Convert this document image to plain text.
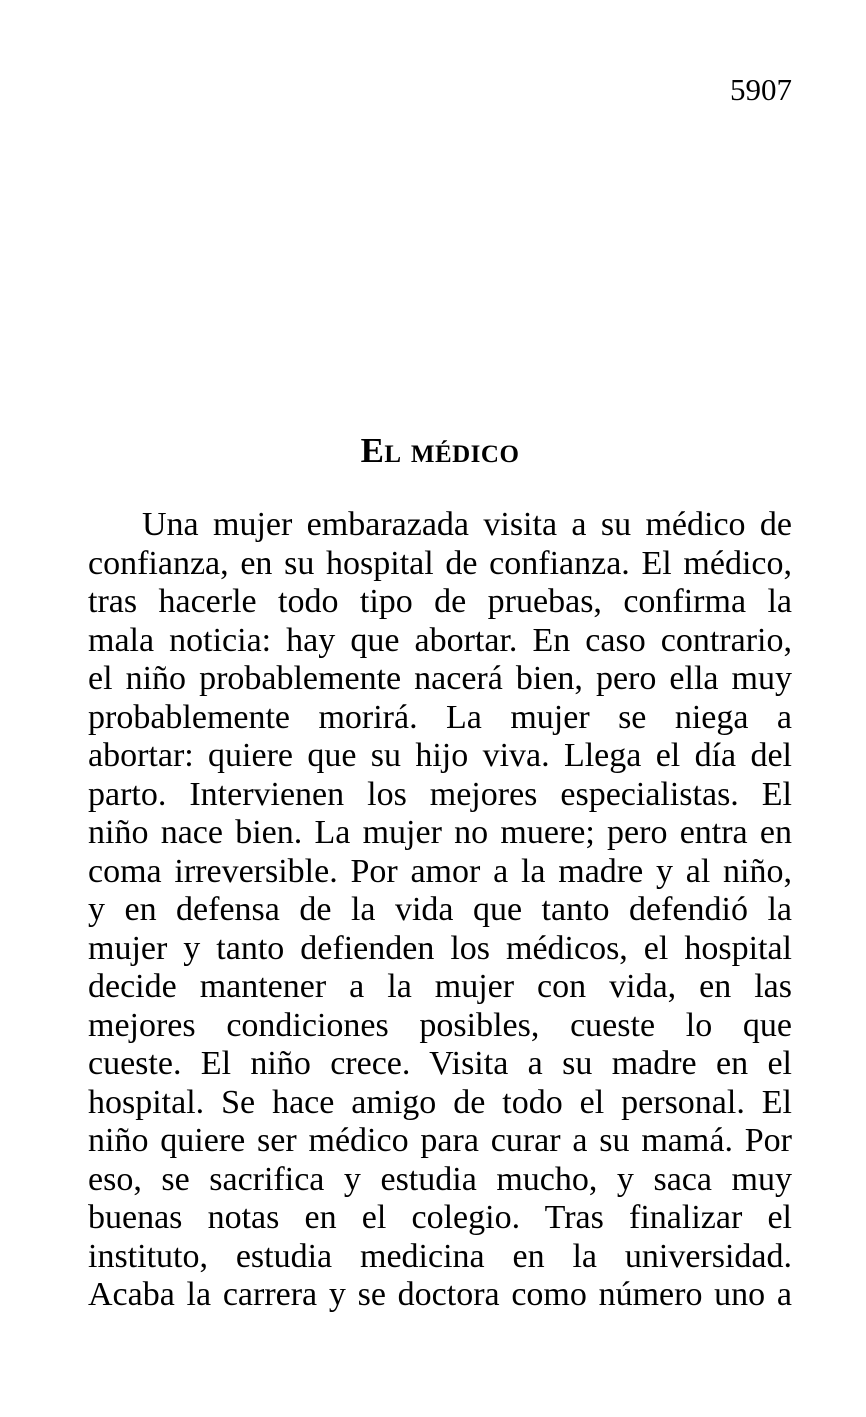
5907
El médico
Una mujer embarazada visita a su médico de
confianza, en su hospital de confianza. El médico,
tras hacerle todo tipo de pruebas, confirma la
mala noticia: hay que abortar. En caso contrario,
el niño probablemente nacerá bien, pero ella muy
probablemente morirá. La mujer se niega a
abortar: quiere que su hijo viva. Llega el día del
parto. Intervienen los mejores especialistas. El
niño nace bien. La mujer no muere; pero entra en
coma irreversible. Por amor a la madre y al niño,
y en defensa de la vida que tanto defendió la
mujer y tanto defienden los médicos, el hospital
decide mantener a la mujer con vida, en las
mejores condiciones posibles, cueste lo que
cueste. El niño crece. Visita a su madre en el
hospital. Se hace amigo de todo el personal. El
niño quiere ser médico para curar a su mamá. Por
eso, se sacrifica y estudia mucho, y saca muy
buenas notas en el colegio. Tras finalizar el
instituto, estudia medicina en la universidad.
Acaba la carrera y se doctora como número uno a
